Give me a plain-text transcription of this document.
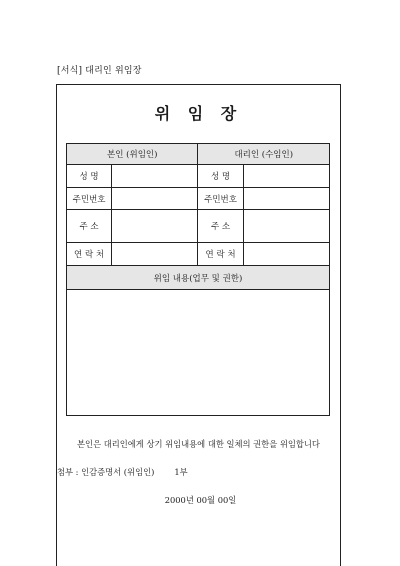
[서식] 대리인 위임장
위 임 장
본인 (위임인)		대리인 (수임인)	
성 명		성 명	
주민번호		주민번호	
주 소		주 소	
연 락 처		연 락 처	
위임 내용(업무 및 권한)			

본인은 대리인에게 상기 위임내용에 대한 일체의 권한을 위임합니다
첨부 : 인감증명서 (위임인) 1부
2000년 00월 00일
